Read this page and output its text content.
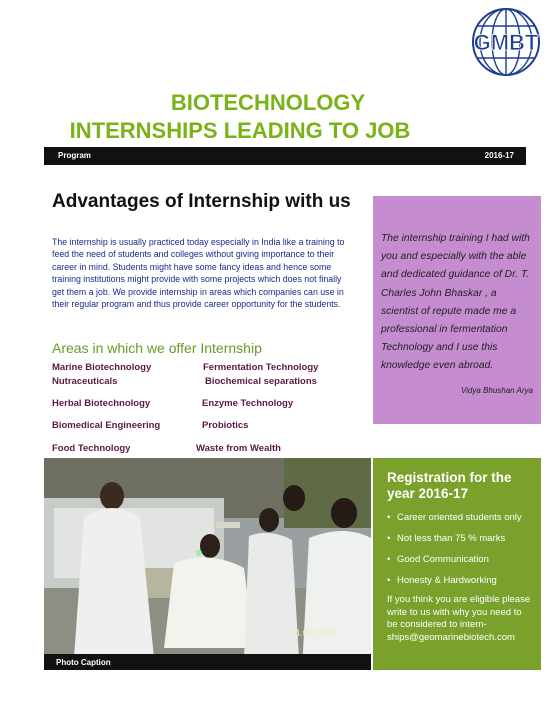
GMBT
BIOTECHNOLOGY
INTERNSHIPS LEADING TO JOB
Program	2016-17
Advantages of Internship with us
The internship is usually practiced today especially in India like a training to feed the need of students and colleges without giving importance to their career in mind. Students might have some fancy ideas and hence some training institutions might provide with some projects which does not finally get them a job. We provide internship in areas which companies can use in their regular program and thus provide career opportunity for the students.
Areas in which we offer Internship
Marine Biotechnology	Fermentation Technology
Nutraceuticals	Biochemical separations
Herbal Biotechnology	Enzyme Technology
Biomedical Engineering	Probiotics
Food Technology	Waste from Wealth
24.01.2009
Photo Caption
The internship training I had with you and especially with the able and dedicated guidance of Dr. T. Charles John Bhaskar , a scientist of repute made me a professional in fermentation Technology and I use this knowledge even abroad.
Vidya Bhushan Arya
Registration for the year 2016-17
• Career oriented students only
• Not less than 75 % marks
• Good Communication
• Honesty & Hardworking
If you think you are eligible please write to us with why you need to be considered to intern-ships@geomarinebiotech.com
